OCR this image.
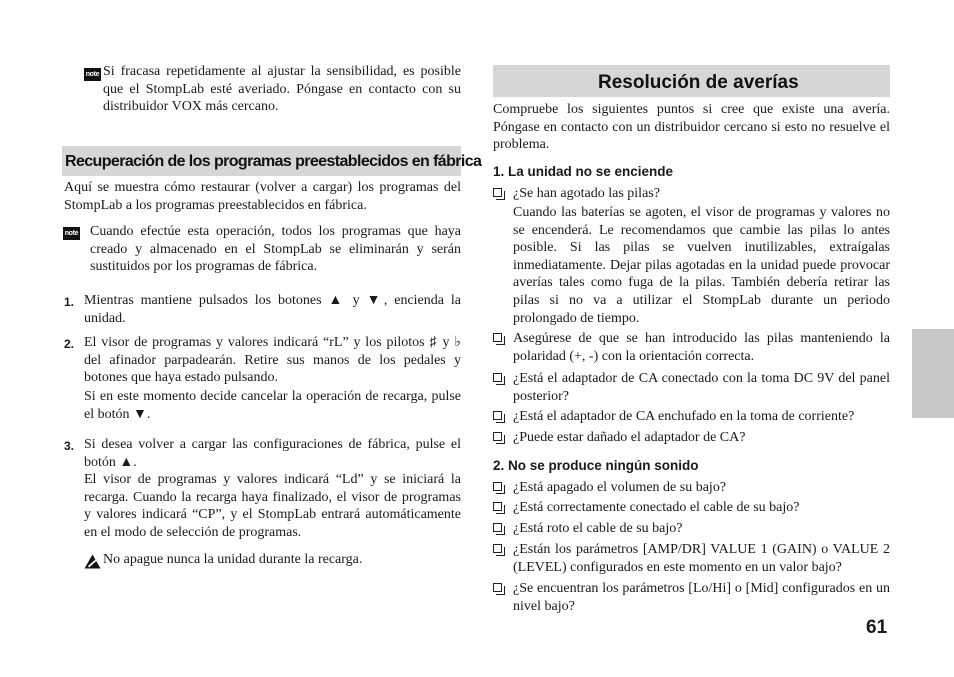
note Si fracasa repetidamente al ajustar la sensibilidad, es posible que el StompLab esté averiado. Póngase en contacto con su distribuidor VOX más cercano.
Recuperación de los programas preestablecidos en fábrica
Aquí se muestra cómo restaurar (volver a cargar) los programas del StompLab a los programas preestablecidos en fábrica.
note Cuando efectúe esta operación, todos los programas que haya creado y almacenado en el StompLab se eliminarán y serán sustituidos por los programas de fábrica.
1. Mientras mantiene pulsados los botones ▲ y ▼, encienda la unidad.
2. El visor de programas y valores indicará “rL” y los pilotos ♯ y ♭ del afinador parpadearán. Retire sus manos de los pedales y botones que haya estado pulsando.
Si en este momento decide cancelar la operación de recarga, pulse el botón ▼.
3. Si desea volver a cargar las configuraciones de fábrica, pulse el botón ▲.
El visor de programas y valores indicará “Ld” y se iniciará la recarga. Cuando la recarga haya finalizado, el visor de programas y valores indicará “CP”, y el StompLab entrará automáticamente en el modo de selección de programas.
No apague nunca la unidad durante la recarga.
Resolución de averías
Compruebe los siguientes puntos si cree que existe una avería. Póngase en contacto con un distribuidor cercano si esto no resuelve el problema.
1. La unidad no se enciende
¿Se han agotado las pilas?
Cuando las baterías se agoten, el visor de programas y valores no se encenderá. Le recomendamos que cambie las pilas lo antes posible. Si las pilas se vuelven inutilizables, extraígalas inmediatamente. Dejar pilas agotadas en la unidad puede provocar averías tales como fuga de la pilas. También debería retirar las pilas si no va a utilizar el StompLab durante un periodo prolongado de tiempo.
Asegúrese de que se han introducido las pilas manteniendo la polaridad (+, -) con la orientación correcta.
¿Está el adaptador de CA conectado con la toma DC 9V del panel posterior?
¿Está el adaptador de CA enchufado en la toma de corriente?
¿Puede estar dañado el adaptador de CA?
2. No se produce ningún sonido
¿Está apagado el volumen de su bajo?
¿Está correctamente conectado el cable de su bajo?
¿Está roto el cable de su bajo?
¿Están los parámetros [AMP/DR] VALUE 1 (GAIN) o VALUE 2 (LEVEL) configurados en este momento en un valor bajo?
¿Se encuentran los parámetros [Lo/Hi] o [Mid] configurados en un nivel bajo?
61
